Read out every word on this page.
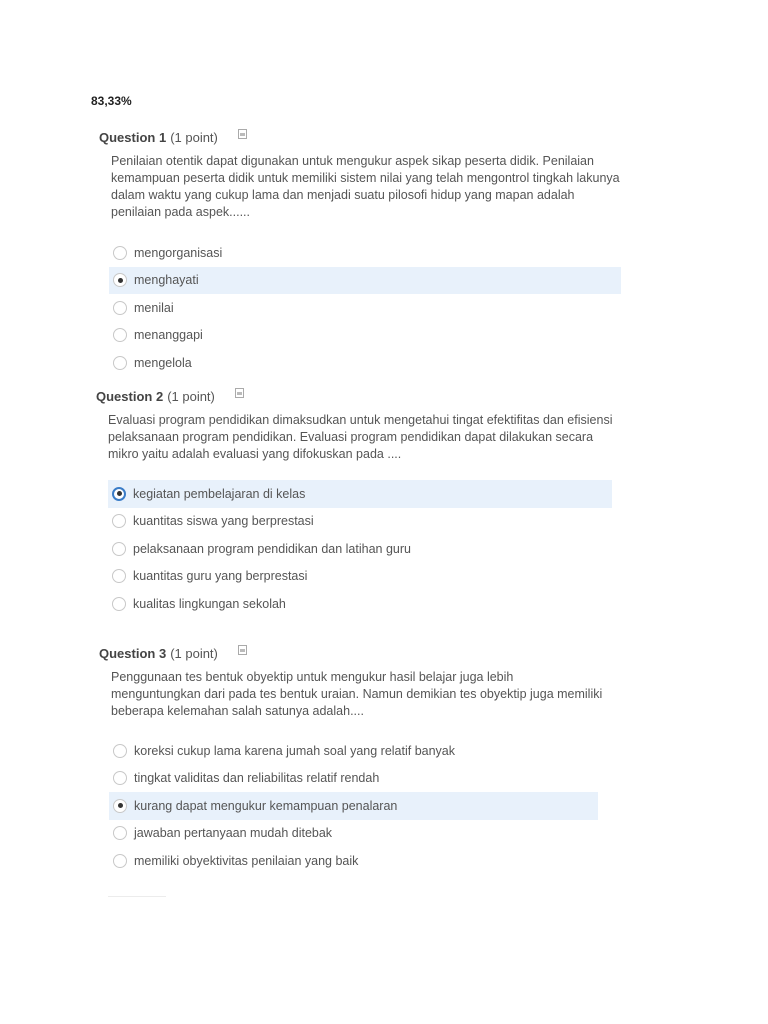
83,33%
Question 1 (1 point)
Penilaian otentik dapat digunakan untuk mengukur aspek sikap peserta didik. Penilaian kemampuan peserta didik untuk memiliki sistem nilai yang telah mengontrol tingkah lakunya dalam waktu yang cukup lama dan menjadi suatu pilosofi hidup yang mapan adalah penilaian pada aspek......
mengorganisasi
menghayati
menilai
menanggapi
mengelola
Question 2 (1 point)
Evaluasi program pendidikan dimaksudkan untuk mengetahui tingat efektifitas dan efisiensi pelaksanaan program pendidikan. Evaluasi program pendidikan dapat dilakukan secara mikro yaitu adalah evaluasi yang difokuskan pada ....
kegiatan pembelajaran di kelas
kuantitas siswa yang berprestasi
pelaksanaan program pendidikan dan latihan guru
kuantitas guru yang berprestasi
kualitas lingkungan sekolah
Question 3 (1 point)
Penggunaan tes bentuk obyektip untuk mengukur hasil belajar juga lebih menguntungkan dari pada tes bentuk uraian. Namun demikian tes obyektip juga memiliki beberapa kelemahan salah satunya adalah....
koreksi cukup lama karena jumah soal yang relatif banyak
tingkat validitas dan reliabilitas relatif rendah
kurang dapat mengukur kemampuan penalaran
jawaban pertanyaan mudah ditebak
memiliki obyektivitas penilaian yang baik
